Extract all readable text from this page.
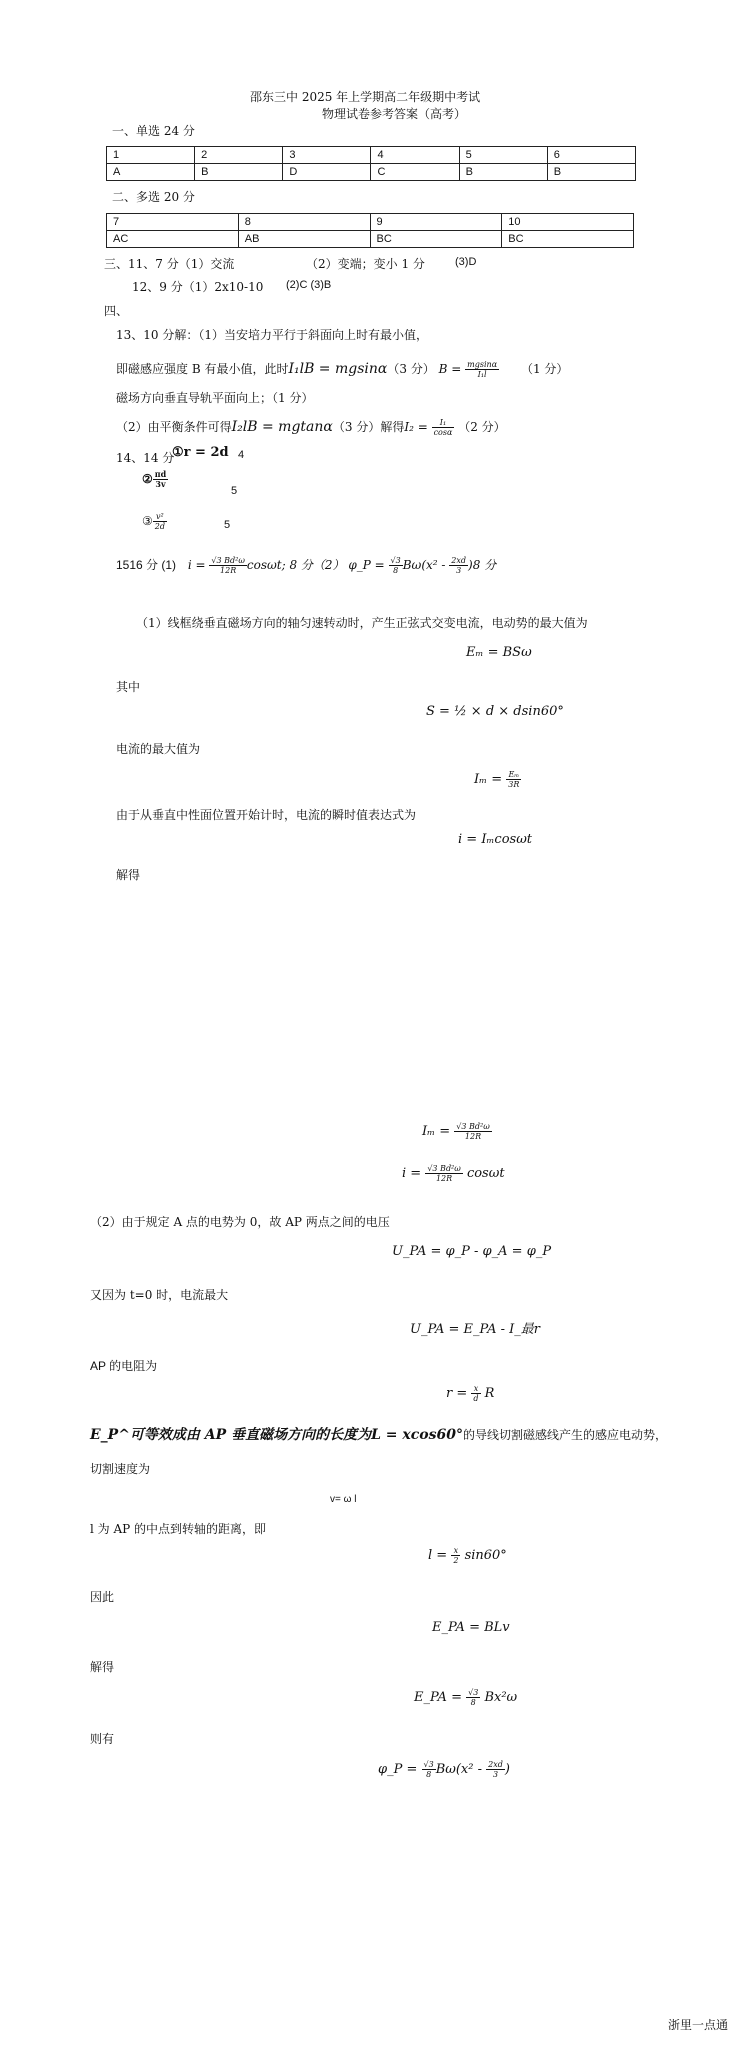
邵东三中 2025 年上学期高二年级期中考试
物理试卷参考答案（高考）
一、单选 24 分
1	2	3	4	5	6
A	B	D	C	B	B
二、多选 20 分
7	8	9	10
AC	AB	BC	BC
三、11、7 分（1）交流	（2）变端；变小 1 分	(3)D
12、9 分（1）2x10-10 (2)C (3)B
四、
13、10 分解：（1）当安培力平行于斜面向上时有最小值，
即磁感应强度 B 有最小值，此时I₁lB = mgsinα（3 分） $B = \frac{mgsin\alpha}{\text{I₁l}} (1$ 分）
磁场方向垂直导轨平面向上；（1 分）
（2）由平衡条件可得I₂lB = mgtanα（3 分）解得$I_2 = \frac{\text{I₁}}{\cos\alpha} (2$ 分）
14、14 分
①r = 2d 4
② $\frac{\pi d}{3v}$
5
③ $\frac{\text{v²}}{2d}$	5
1516 分 (1) $i = \frac{\text{√3 Bd²ω}}{12R} \cos\omega t$; 8 分（2） φ_P = $\frac{√3}{8} B\omega(x^2 - \frac{2xd}{3} )8$ 分
（1）线框绕垂直磁场方向的轴匀速转动时，产生正弦式交变电流，电动势的最大值为
Eₘ = BSω
其中
S = ½ × d × dsin60°
电流的最大值为
$I_m = \frac{\text{Eₘ}}{3R}$
由于从垂直中性面位置开始计时，电流的瞬时值表达式为
i = Iₘcosωt
解得
$I_m = \frac{\text{√3 Bd²ω}}{12R}$
$i = \frac{\text{√3 Bd²ω}}{12R}$ cosωt
（2）由于规定 A 点的电势为 0，故 AP 两点之间的电压
U_PA = φ_P - φ_A = φ_P
又因为 t=0 时，电流最大
U_PA = E_PA - I_最r
AP 的电阻为
$r = \frac{x}{d}$ R
E_P^可等效成由 AP 垂直磁场方向的长度为L = xcos60°的导线切割磁感线产生的感应电动势，
切割速度为
v= ω l
l 为 AP 的中点到转轴的距离，即
$l = \frac{x}{2} \sin 60^\circ$
因此
E_PA = BLv
解得
E_PA = $\frac{√3}{8} Bx^2\omega$
则有
φ_P = $\frac{√3}{8} B\omega(x^2 - \frac{2xd}{3}$ )
浙里一点通
